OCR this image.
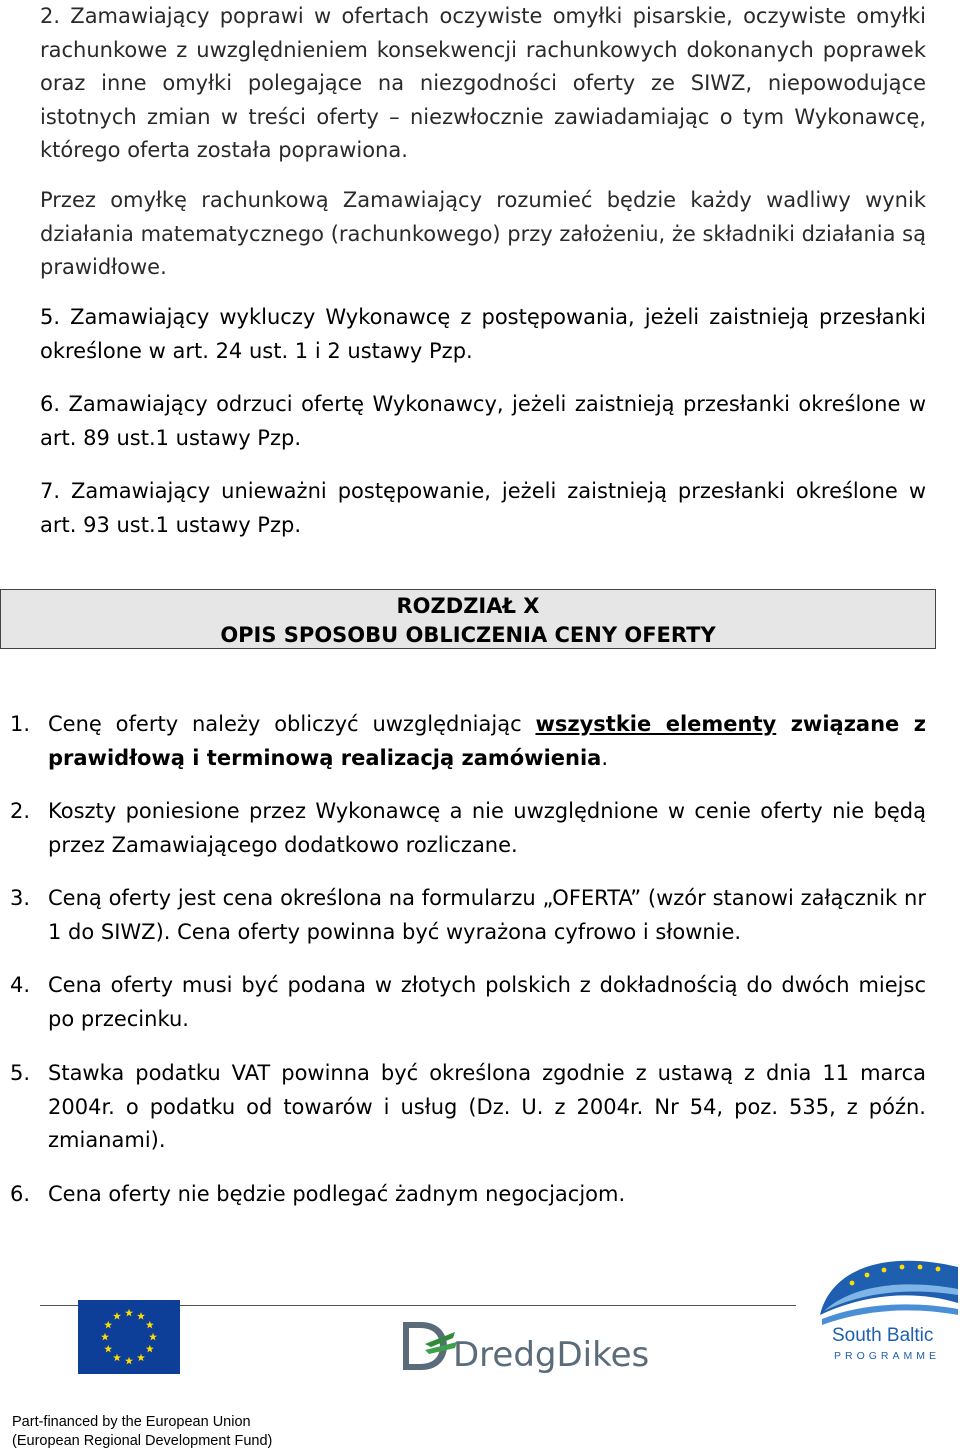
2. Zamawiający poprawi w ofertach oczywiste omyłki pisarskie, oczywiste omyłki rachunkowe z uwzględnieniem konsekwencji rachunkowych dokonanych poprawek oraz inne omyłki polegające na niezgodności oferty ze SIWZ, niepowodujące istotnych zmian w treści oferty – niezwłocznie zawiadamiając o tym Wykonawcę, którego oferta została poprawiona.

Przez omyłkę rachunkową Zamawiający rozumieć będzie każdy wadliwy wynik działania matematycznego (rachunkowego) przy założeniu, że składniki działania są prawidłowe.

5. Zamawiający wykluczy Wykonawcę z postępowania, jeżeli zaistnieją przesłanki określone w art. 24 ust. 1 i 2 ustawy Pzp.

6. Zamawiający odrzuci ofertę Wykonawcy, jeżeli zaistnieją przesłanki określone w art. 89 ust.1 ustawy Pzp.

7. Zamawiający unieważni postępowanie, jeżeli zaistnieją przesłanki określone w art. 93 ust.1 ustawy Pzp.

ROZDZIAŁ X
OPIS SPOSOBU OBLICZENIA CENY OFERTY
1. Cenę oferty należy obliczyć uwzględniając wszystkie elementy związane z prawidłową i terminową realizacją zamówienia.
2. Koszty poniesione przez Wykonawcę a nie uwzględnione w cenie oferty nie będą przez Zamawiającego dodatkowo rozliczane.
3. Ceną oferty jest cena określona na formularzu „OFERTA” (wzór stanowi załącznik nr 1 do SIWZ). Cena oferty powinna być wyrażona cyfrowo i słownie.
4. Cena oferty musi być podana w złotych polskich z dokładnością do dwóch miejsc po przecinku.
5. Stawka podatku VAT powinna być określona zgodnie z ustawą z dnia 11 marca 2004r. o podatku od towarów i usług (Dz. U. z 2004r. Nr 54, poz. 535, z późn. zmianami).
6. Cena oferty nie będzie podlegać żadnym negocjacjom.
DredgDikes	South Baltic
PROGRAMME
Part-financed by the European Union
(European Regional Development Fund)
